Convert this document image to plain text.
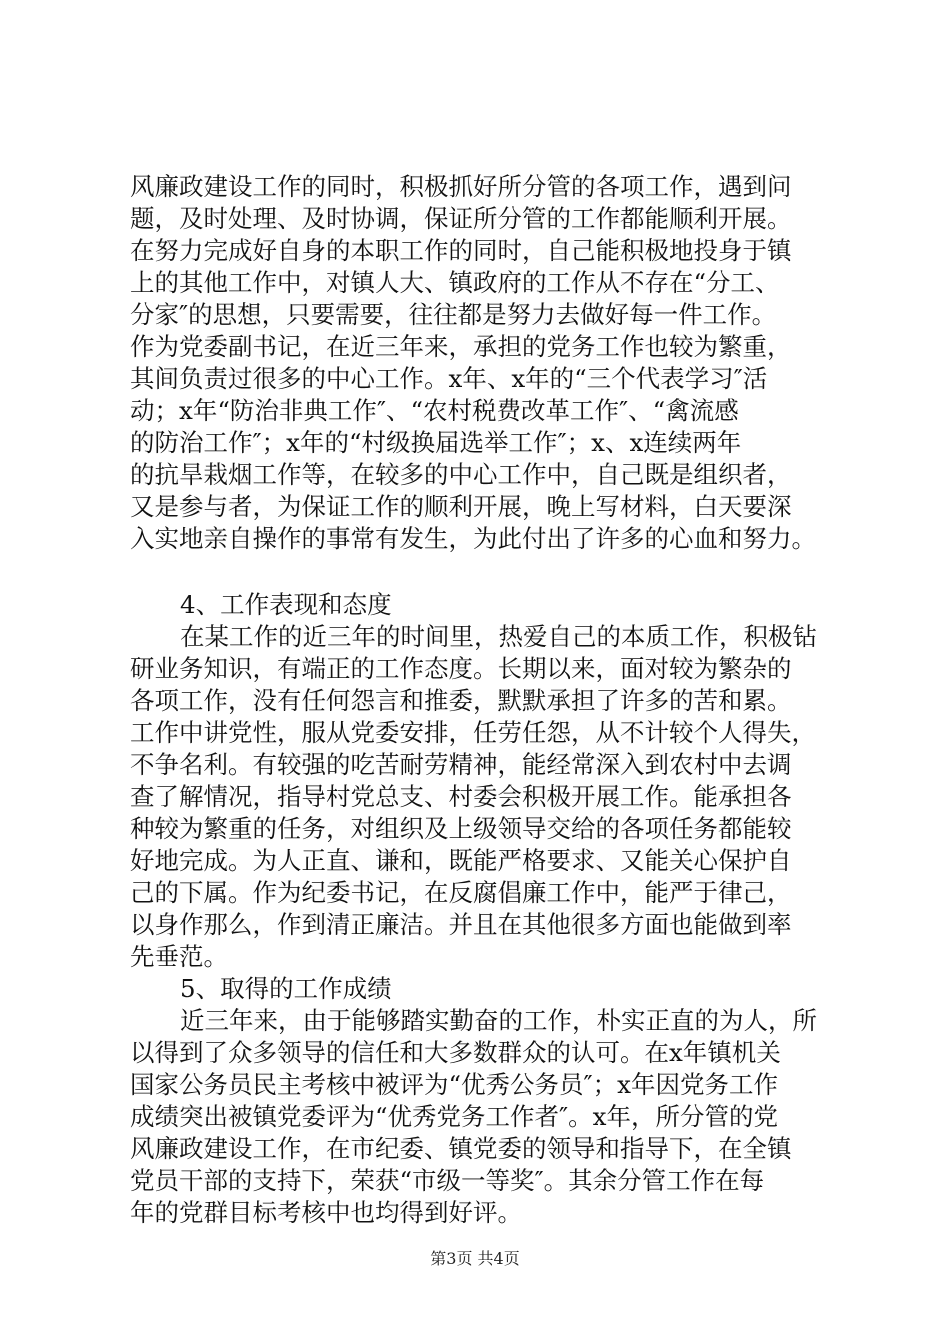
风廉政建设工作的同时，积极抓好所分管的各项工作，遇到问
题，及时处理、及时协调，保证所分管的工作都能顺利开展。
在努力完成好自身的本职工作的同时，自己能积极地投身于镇
上的其他工作中，对镇人大、镇政府的工作从不存在“分工、
分家″的思想，只要需要，往往都是努力去做好每一件工作。
作为党委副书记，在近三年来，承担的党务工作也较为繁重，
其间负责过很多的中心工作。x年、x年的“三个代表学习″活
动；x年“防治非典工作″、“农村税费改革工作″、“禽流感
的防治工作″；x年的“村级换届选举工作″；x、x连续两年
的抗旱栽烟工作等，在较多的中心工作中，自己既是组织者，
又是参与者，为保证工作的顺利开展，晚上写材料，白天要深
入实地亲自操作的事常有发生，为此付出了许多的心血和努力。
4、工作表现和态度
在某工作的近三年的时间里，热爱自己的本质工作，积极钻
研业务知识，有端正的工作态度。长期以来，面对较为繁杂的
各项工作，没有任何怨言和推委，默默承担了许多的苦和累。
工作中讲党性，服从党委安排，任劳任怨，从不计较个人得失，
不争名利。有较强的吃苦耐劳精神，能经常深入到农村中去调
查了解情况，指导村党总支、村委会积极开展工作。能承担各
种较为繁重的任务，对组织及上级领导交给的各项任务都能较
好地完成。为人正直、谦和，既能严格要求、又能关心保护自
己的下属。作为纪委书记，在反腐倡廉工作中，能严于律己，
以身作那么，作到清正廉洁。并且在其他很多方面也能做到率
先垂范。
5、取得的工作成绩
近三年来，由于能够踏实勤奋的工作，朴实正直的为人，所
以得到了众多领导的信任和大多数群众的认可。在x年镇机关
国家公务员民主考核中被评为“优秀公务员″；x年因党务工作
成绩突出被镇党委评为“优秀党务工作者″。x年，所分管的党
风廉政建设工作，在市纪委、镇党委的领导和指导下，在全镇
党员干部的支持下，荣获“市级一等奖″。其余分管工作在每
年的党群目标考核中也均得到好评。
第3页 共4页
